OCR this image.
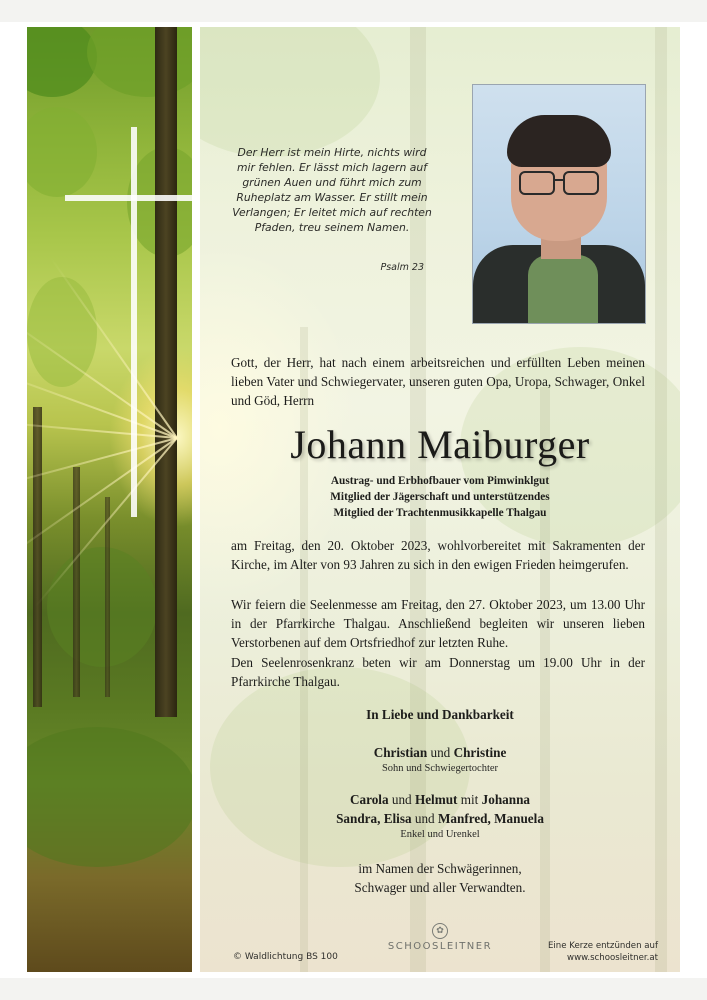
Der Herr ist mein Hirte, nichts wird
mir fehlen. Er lässt mich lagern auf
grünen Auen und führt mich zum
Ruheplatz am Wasser. Er stillt mein
Verlangen; Er leitet mich auf rechten
Pfaden, treu seinem Namen.
Psalm 23
Gott, der Herr, hat nach einem arbeitsreichen und erfüllten Leben meinen lieben Vater und Schwiegervater, unseren guten Opa, Uropa, Schwager, Onkel und Göd, Herrn
Johann Maiburger
Austrag- und Erbhofbauer vom Pimwinklgut
Mitglied der Jägerschaft und unterstützendes
Mitglied der Trachtenmusikkapelle Thalgau
am Freitag, den 20. Oktober 2023, wohlvorbereitet mit Sakramenten der Kirche, im Alter von 93 Jahren zu sich in den ewigen Frieden heimgerufen.
Wir feiern die Seelenmesse am Freitag, den 27. Oktober 2023, um 13.00 Uhr in der Pfarrkirche Thalgau. Anschließend begleiten wir unseren lieben Verstorbenen auf dem Ortsfriedhof zur letzten Ruhe.
Den Seelenrosenkranz beten wir am Donnerstag um 19.00 Uhr in der Pfarrkirche Thalgau.
In Liebe und Dankbarkeit
Christian und Christine
Sohn und Schwiegertochter
Carola und Helmut mit Johanna
Sandra, Elisa und Manfred, Manuela
Enkel und Urenkel
im Namen der Schwägerinnen,
Schwager und aller Verwandten.
© Waldlichtung BS 100
✿
SCHOOSLEITNER	Eine Kerze entzünden auf
www.schoosleitner.at
